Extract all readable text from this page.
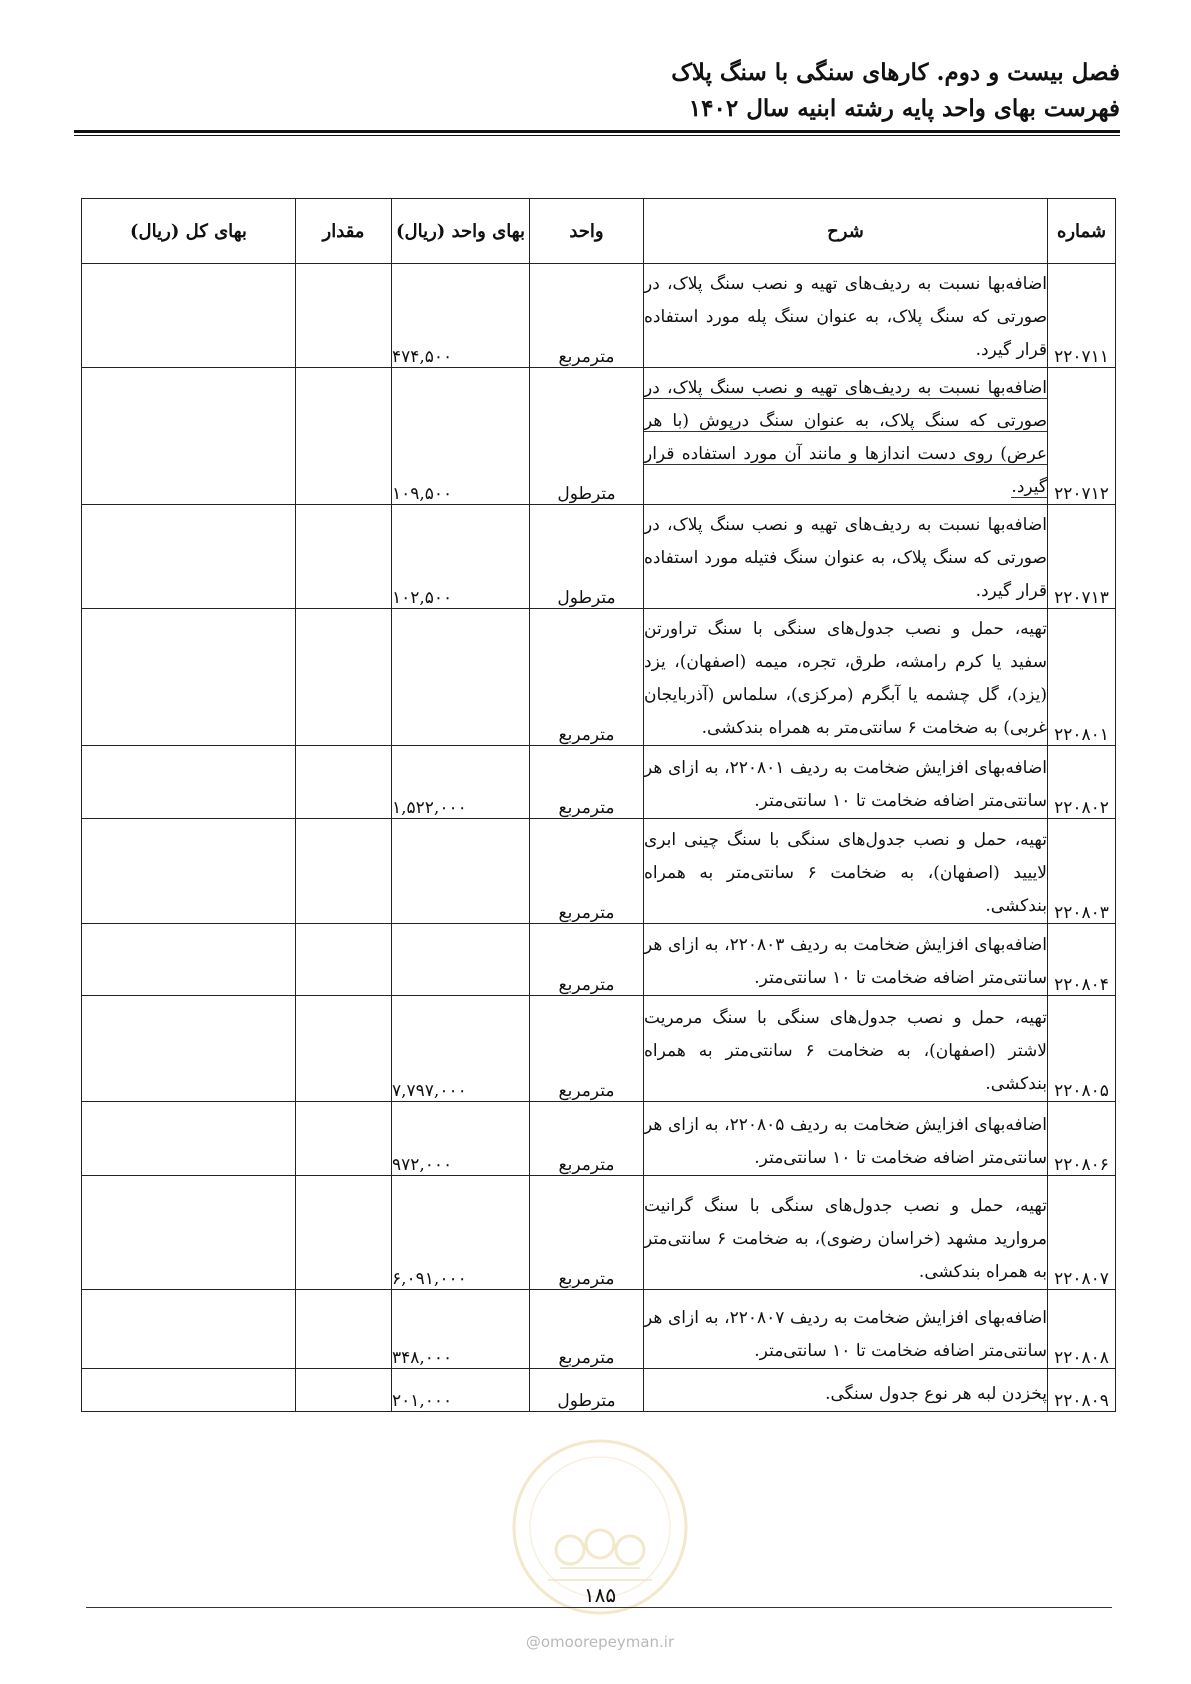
فصل بیست و دوم. کارهای سنگی با سنگ پلاک
فهرست بهای واحد پایه رشته ابنیه سال ۱۴۰۲
شماره	شرح	واحد	بهای واحد (ریال)	مقدار	بهای کل (ریال)
۲۲۰۷۱۱	اضافه‌بها نسبت به ردیف‌های تهیه و نصب سنگ پلاک، در صورتی که سنگ پلاک، به عنوان سنگ پله مورد استفاده قرار گیرد.	مترمربع	۴۷۴,۵۰۰		
۲۲۰۷۱۲	اضافه‌بها نسبت به ردیف‌های تهیه و نصب سنگ پلاک، در صورتی که سنگ پلاک، به عنوان سنگ درپوش (با هر عرض) روی دست اندازها و مانند آن مورد استفاده قرار گیرد.	مترطول	۱۰۹,۵۰۰		
۲۲۰۷۱۳	اضافه‌بها نسبت به ردیف‌های تهیه و نصب سنگ پلاک، در صورتی که سنگ پلاک، به عنوان سنگ فتیله مورد استفاده قرار گیرد.	مترطول	۱۰۲,۵۰۰		
۲۲۰۸۰۱	تهیه، حمل و نصب جدول‌های سنگی با سنگ تراورتن سفید یا کرم رامشه، طرق، تجره، میمه (اصفهان)، یزد (یزد)، گل چشمه یا آبگرم (مرکزی)، سلماس (آذربایجان غربی) به ضخامت ۶ سانتی‌متر به همراه بندکشی.	مترمربع			
۲۲۰۸۰۲	اضافه‌بهای افزایش ضخامت به ردیف ۲۲۰۸۰۱، به ازای هر سانتی‌متر اضافه ضخامت تا ۱۰ سانتی‌متر.	مترمربع	۱,۵۲۲,۰۰۰		
۲۲۰۸۰۳	تهیه، حمل و نصب جدول‌های سنگی با سنگ چینی ابری لاییید (اصفهان)، به ضخامت ۶ سانتی‌متر به همراه بندکشی.	مترمربع			
۲۲۰۸۰۴	اضافه‌بهای افزایش ضخامت به ردیف ۲۲۰۸۰۳، به ازای هر سانتی‌متر اضافه ضخامت تا ۱۰ سانتی‌متر.	مترمربع			
۲۲۰۸۰۵	تهیه، حمل و نصب جدول‌های سنگی با سنگ مرمریت لاشتر (اصفهان)، به ضخامت ۶ سانتی‌متر به همراه بندکشی.	مترمربع	۷,۷۹۷,۰۰۰		
۲۲۰۸۰۶	اضافه‌بهای افزایش ضخامت به ردیف ۲۲۰۸۰۵، به ازای هر سانتی‌متر اضافه ضخامت تا ۱۰ سانتی‌متر.	مترمربع	۹۷۲,۰۰۰		
۲۲۰۸۰۷	تهیه، حمل و نصب جدول‌های سنگی با سنگ گرانیت مروارید مشهد (خراسان رضوی)، به ضخامت ۶ سانتی‌متر به همراه بندکشی.	مترمربع	۶,۰۹۱,۰۰۰		
۲۲۰۸۰۸	اضافه‌بهای افزایش ضخامت به ردیف ۲۲۰۸۰۷، به ازای هر سانتی‌متر اضافه ضخامت تا ۱۰ سانتی‌متر.	مترمربع	۳۴۸,۰۰۰		
۲۲۰۸۰۹	پخزدن لبه هر نوع جدول سنگی.	مترطول	۲۰۱,۰۰۰		
۱۸۵
@omoorepeyman.ir
